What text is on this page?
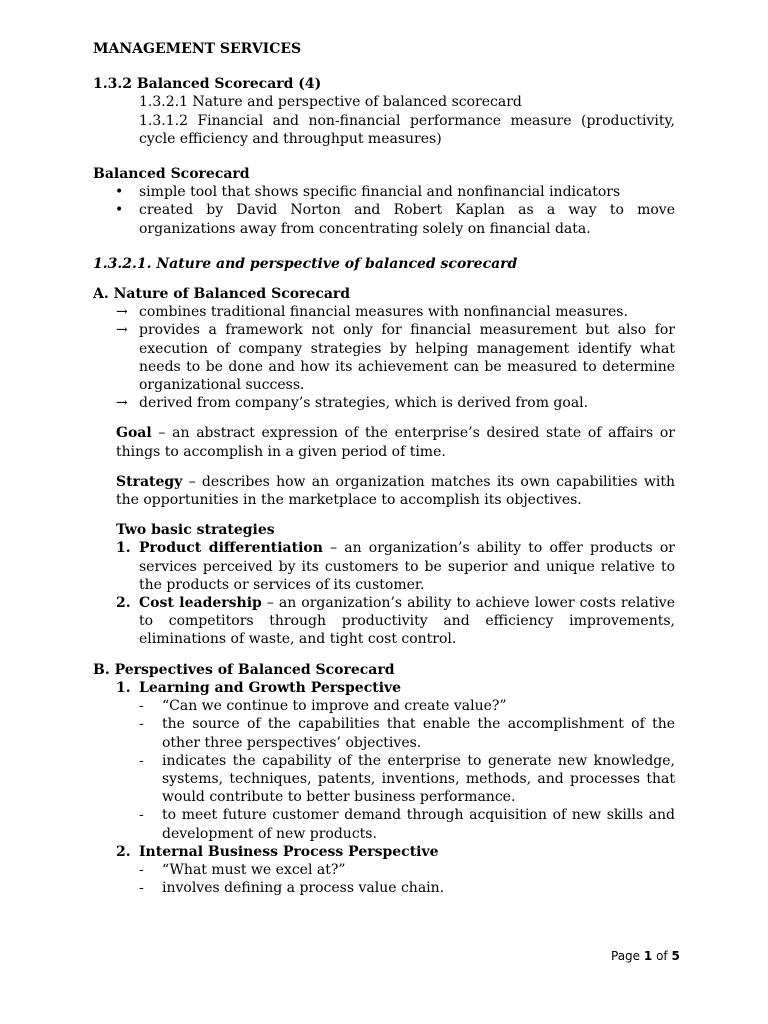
MANAGEMENT SERVICES

1.3.2 Balanced Scorecard (4)

1.3.2.1 Nature and perspective of balanced scorecard

1.3.1.2 Financial and non-financial performance measure (productivity, cycle efficiency and throughput measures)

Balanced Scorecard

• simple tool that shows specific financial and nonfinancial indicators
• created by David Norton and Robert Kaplan as a way to move organizations away from concentrating solely on financial data.

1.3.2.1. Nature and perspective of balanced scorecard

A. Nature of Balanced Scorecard

→ combines traditional financial measures with nonfinancial measures.
→ provides a framework not only for financial measurement but also for execution of company strategies by helping management identify what needs to be done and how its achievement can be measured to determine organizational success.
→ derived from company’s strategies, which is derived from goal.

Goal – an abstract expression of the enterprise’s desired state of affairs or things to accomplish in a given period of time.

Strategy – describes how an organization matches its own capabilities with the opportunities in the marketplace to accomplish its objectives.

Two basic strategies

1. Product differentiation – an organization’s ability to offer products or services perceived by its customers to be superior and unique relative to the products or services of its customer.
2. Cost leadership – an organization’s ability to achieve lower costs relative to competitors through productivity and efficiency improvements, eliminations of waste, and tight cost control.

B. Perspectives of Balanced Scorecard

1. Learning and Growth Perspective
- “Can we continue to improve and create value?”
- the source of the capabilities that enable the accomplishment of the other three perspectives’ objectives.
- indicates the capability of the enterprise to generate new knowledge, systems, techniques, patents, inventions, methods, and processes that would contribute to better business performance.
- to meet future customer demand through acquisition of new skills and development of new products.
2. Internal Business Process Perspective
- “What must we excel at?”
- involves defining a process value chain.
Page 1 of 5
